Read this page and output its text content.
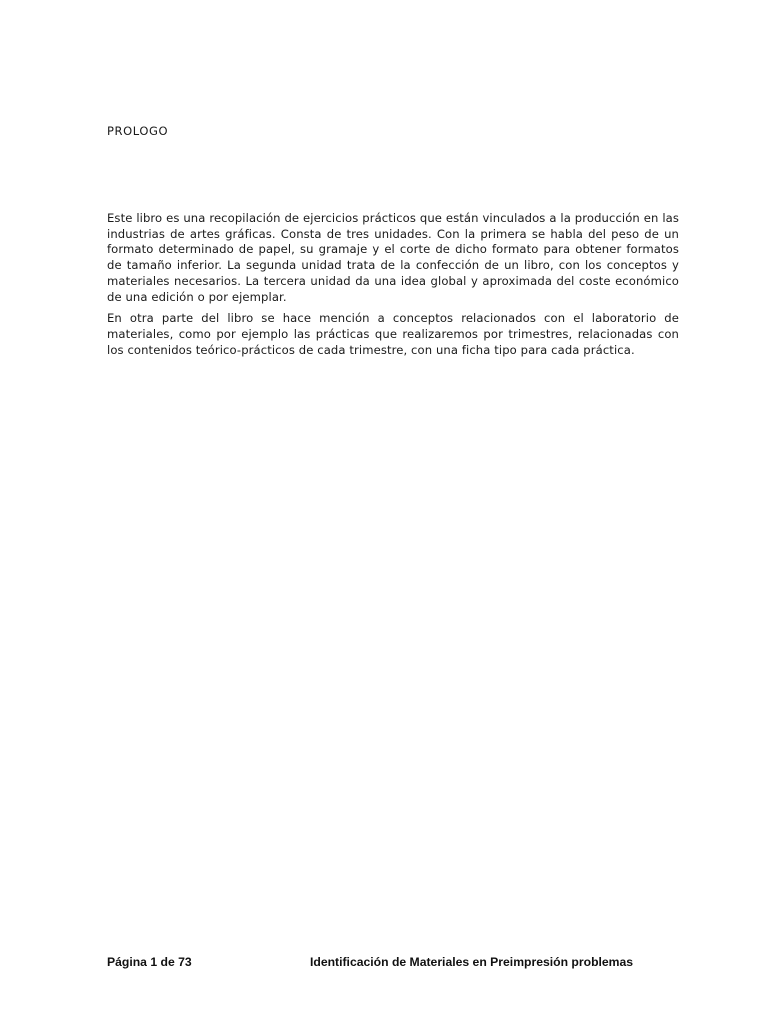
PROLOGO

Este libro es una recopilación de ejercicios prácticos que están vinculados a la producción en las industrias de artes gráficas. Consta de tres unidades. Con la primera se habla del peso de un formato determinado de papel, su gramaje y el corte de dicho formato para obtener formatos de tamaño inferior. La segunda unidad trata de la confección de un libro, con los conceptos y materiales necesarios. La tercera unidad da una idea global y aproximada del coste económico de una edición o por ejemplar.

En otra parte del libro se hace mención a conceptos relacionados con el laboratorio de materiales, como por ejemplo las prácticas que realizaremos por trimestres, relacionadas con los contenidos teórico-prácticos de cada trimestre, con una ficha tipo para cada práctica.

Página 1 de 73	Identificación de Materiales en Preimpresión problemas
